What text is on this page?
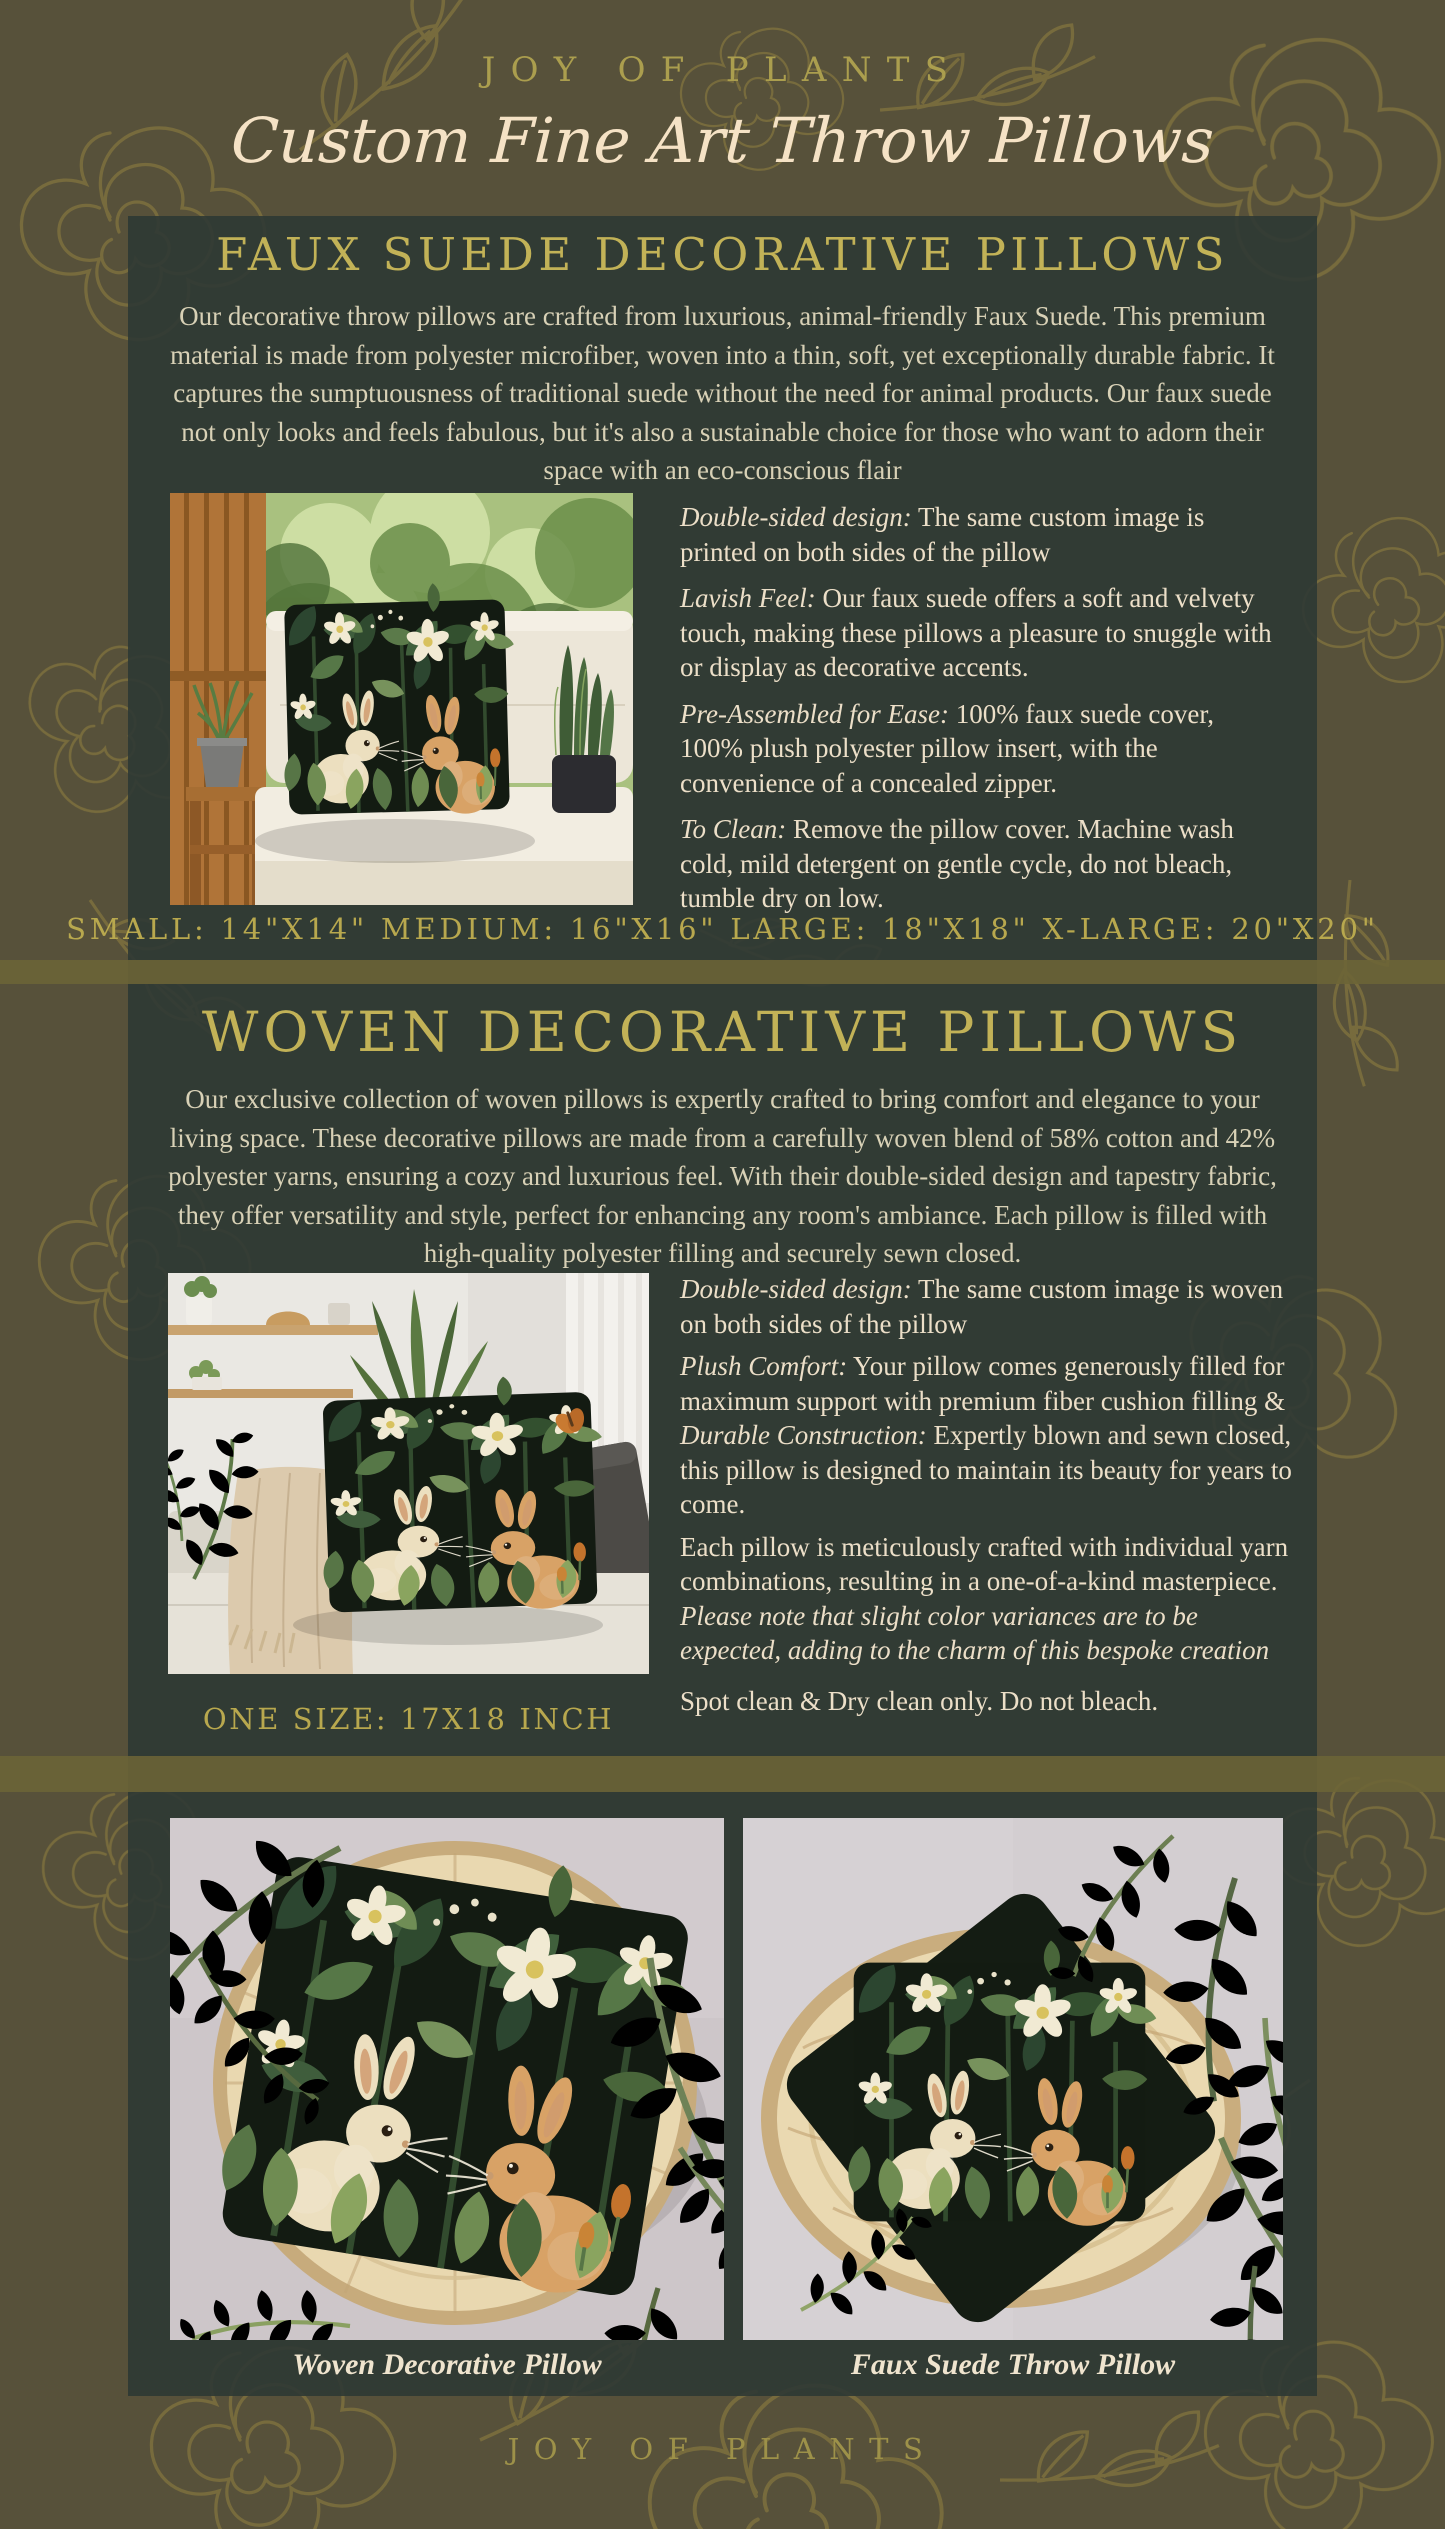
JOY OF PLANTS
Custom Fine Art Throw Pillows
FAUX SUEDE DECORATIVE PILLOWS
Our decorative throw pillows are crafted from luxurious, animal-friendly Faux Suede. This premium material is made from polyester microfiber, woven into a thin, soft, yet exceptionally durable fabric. It captures the sumptuousness of traditional suede without the need for animal products. Our faux suede not only looks and feels fabulous, but it's also a sustainable choice for those who want to adorn their space with an eco-conscious flair

Double-sided design: The same custom image is printed on both sides of the pillow

Lavish Feel: Our faux suede offers a soft and velvety touch, making these pillows a pleasure to snuggle with or display as decorative accents.

Pre-Assembled for Ease: 100% faux suede cover, 100% plush polyester pillow insert, with the convenience of a concealed zipper.

To Clean: Remove the pillow cover. Machine wash cold, mild detergent on gentle cycle, do not bleach, tumble dry on low.

SMALL: 14"X14" MEDIUM: 16"X16" LARGE: 18"X18" X-LARGE: 20"X20"
WOVEN DECORATIVE PILLOWS
Our exclusive collection of woven pillows is expertly crafted to bring comfort and elegance to your living space. These decorative pillows are made from a carefully woven blend of 58% cotton and 42% polyester yarns, ensuring a cozy and luxurious feel. With their double-sided design and tapestry fabric, they offer versatility and style, perfect for enhancing any room's ambiance. Each pillow is filled with high-quality polyester filling and securely sewn closed.

Double-sided design: The same custom image is woven on both sides of the pillow

Plush Comfort: Your pillow comes generously filled for maximum support with premium fiber cushion filling & Durable Construction: Expertly blown and sewn closed, this pillow is designed to maintain its beauty for years to come.

Each pillow is meticulously crafted with individual yarn combinations, resulting in a one-of-a-kind masterpiece. Please note that slight color variances are to be expected, adding to the charm of this bespoke creation

Spot clean & Dry clean only. Do not bleach.

ONE SIZE: 17X18 INCH
Woven Decorative Pillow	Faux Suede Throw Pillow
JOY OF PLANTS
